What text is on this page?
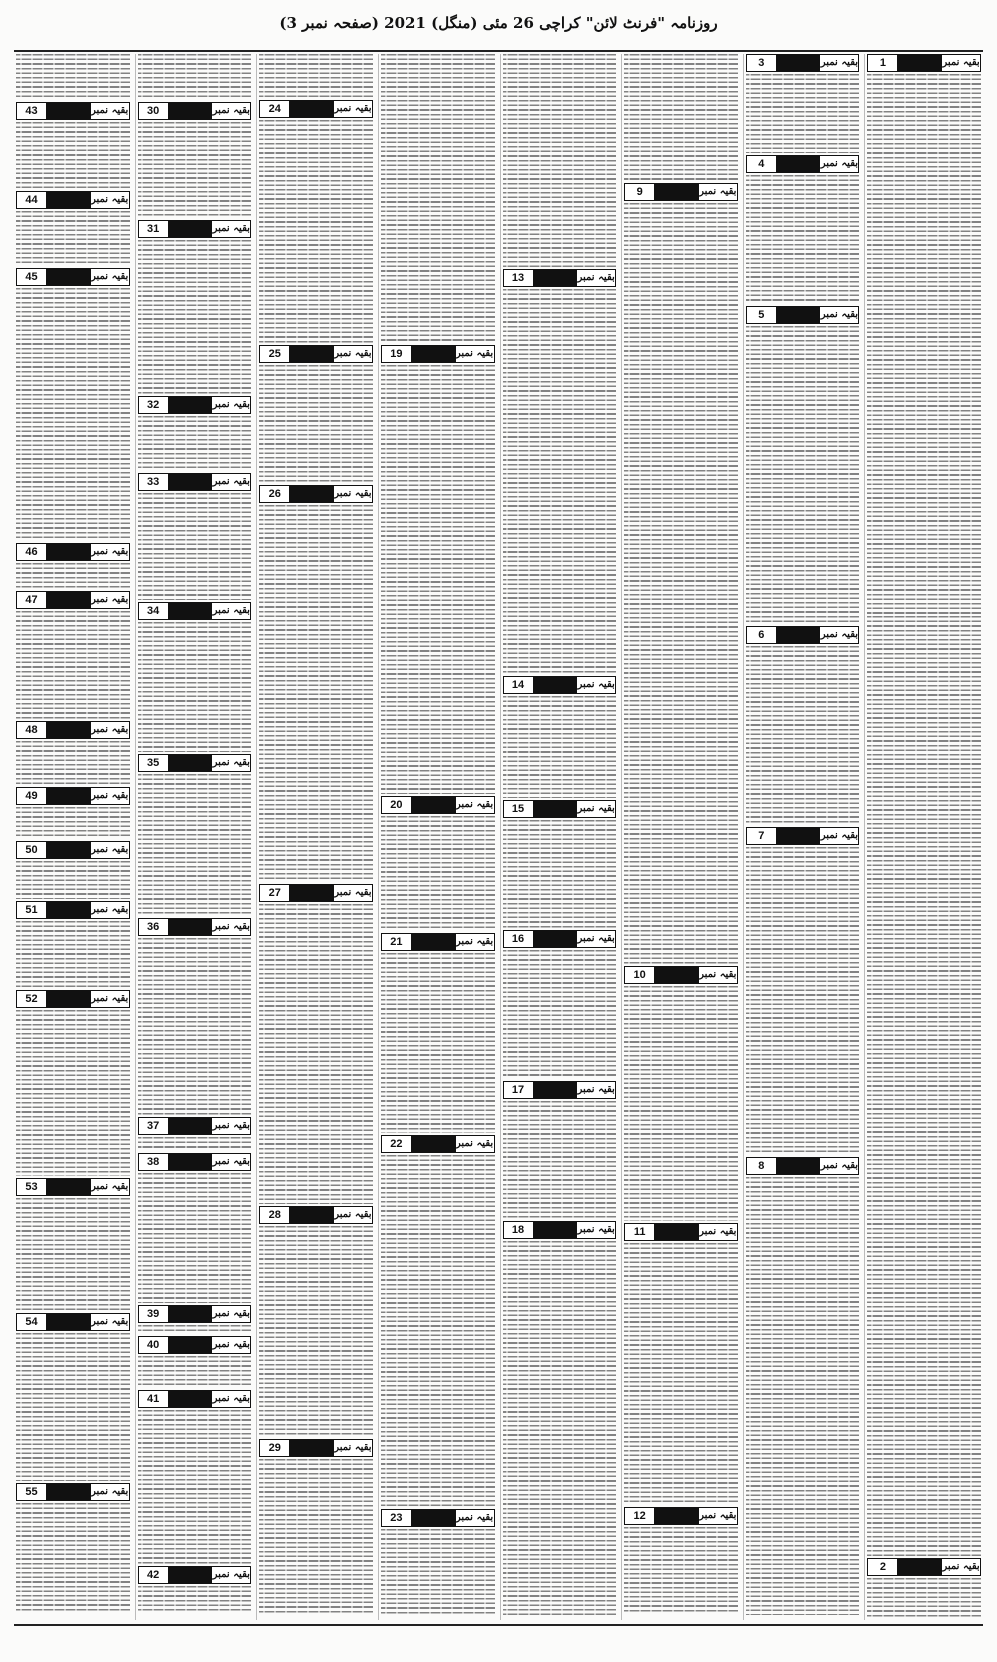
روزنامہ "فرنٹ لائن" کراچی 26 مئی (منگل) 2021 (صفحہ نمبر 3)
بقیہ نمبر
1
بقیہ نمبر
2
بقیہ نمبر
3
بقیہ نمبر
4
بقیہ نمبر
5
بقیہ نمبر
6
بقیہ نمبر
7
بقیہ نمبر
8
بقیہ نمبر
9
بقیہ نمبر
10
بقیہ نمبر
11
بقیہ نمبر
12
بقیہ نمبر
13
بقیہ نمبر
14
بقیہ نمبر
15
بقیہ نمبر
16
بقیہ نمبر
17
بقیہ نمبر
18
بقیہ نمبر
19
بقیہ نمبر
20
بقیہ نمبر
21
بقیہ نمبر
22
بقیہ نمبر
23
بقیہ نمبر
24
بقیہ نمبر
25
بقیہ نمبر
26
بقیہ نمبر
27
بقیہ نمبر
28
بقیہ نمبر
29
بقیہ نمبر
30
بقیہ نمبر
31
بقیہ نمبر
32
بقیہ نمبر
33
بقیہ نمبر
34
بقیہ نمبر
35
بقیہ نمبر
36
بقیہ نمبر
37
بقیہ نمبر
38
بقیہ نمبر
39
بقیہ نمبر
40
بقیہ نمبر
41
بقیہ نمبر
42
بقیہ نمبر
43
بقیہ نمبر
44
بقیہ نمبر
45
بقیہ نمبر
46
بقیہ نمبر
47
بقیہ نمبر
48
بقیہ نمبر
49
بقیہ نمبر
50
بقیہ نمبر
51
بقیہ نمبر
52
بقیہ نمبر
53
بقیہ نمبر
54
بقیہ نمبر
55
